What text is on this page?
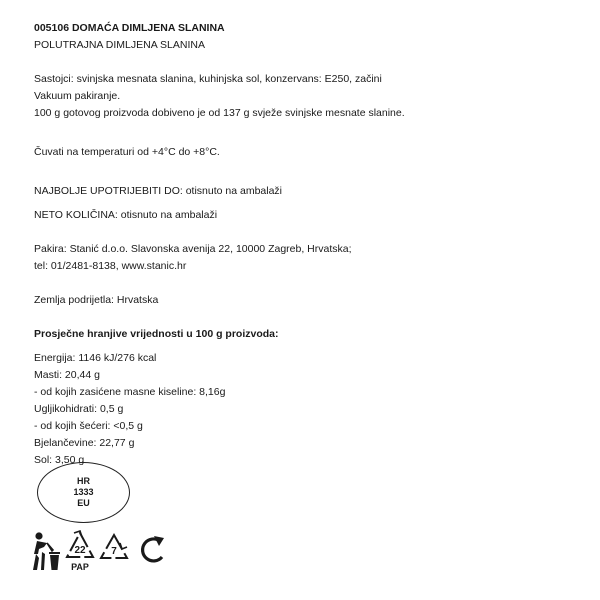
005106 DOMAĆA DIMLJENA SLANINA
POLUTRAJNA DIMLJENA SLANINA
Sastojci: svinjska mesnata slanina, kuhinjska sol, konzervans: E250, začini
Vakuum pakiranje.
100 g gotovog proizvoda dobiveno je od 137 g svježe svinjske mesnate slanine.
Čuvati na temperaturi od +4°C do +8°C.
NAJBOLJE UPOTRIJEBITI DO: otisnuto na ambalaži
NETO KOLIČINA: otisnuto na ambalaži
Pakira: Stanić d.o.o. Slavonska avenija 22, 10000 Zagreb, Hrvatska;
tel: 01/2481-8138, www.stanic.hr
Zemlja podrijetla: Hrvatska
Prosječne hranjive vrijednosti u 100 g proizvoda:
Energija: 1146 kJ/276 kcal
Masti: 20,44 g
- od kojih zasićene masne kiseline: 8,16g
Ugljikohidrati: 0,5 g
- od kojih šećeri: <0,5 g
Bjelančevine: 22,77 g
Sol: 3,50 g
HR
1333
EU
22
PAP
7
